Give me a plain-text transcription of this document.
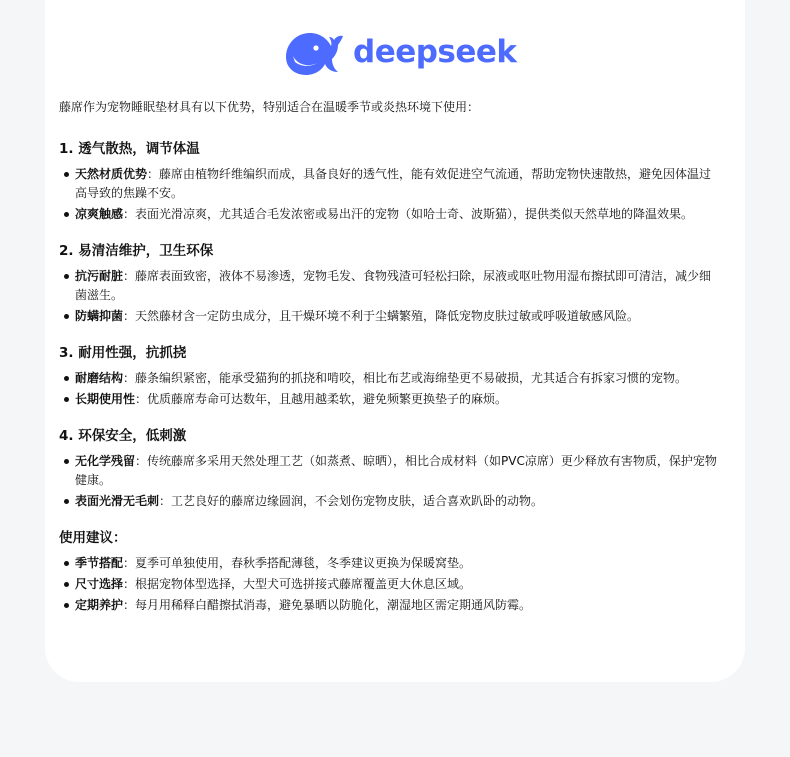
deepseek

藤席作为宠物睡眠垫材具有以下优势，特别适合在温暖季节或炎热环境下使用：

1. 透气散热，调节体温
天然材质优势：藤席由植物纤维编织而成，具备良好的透气性，能有效促进空气流通，帮助宠物快速散热，避免因体温过高导致的焦躁不安。
凉爽触感：表面光滑凉爽，尤其适合毛发浓密或易出汗的宠物（如哈士奇、波斯猫），提供类似天然草地的降温效果。
2. 易清洁维护，卫生环保
抗污耐脏：藤席表面致密，液体不易渗透，宠物毛发、食物残渣可轻松扫除，尿液或呕吐物用湿布擦拭即可清洁，减少细菌滋生。
防螨抑菌：天然藤材含一定防虫成分，且干燥环境不利于尘螨繁殖，降低宠物皮肤过敏或呼吸道敏感风险。
3. 耐用性强，抗抓挠
耐磨结构：藤条编织紧密，能承受猫狗的抓挠和啃咬，相比布艺或海绵垫更不易破损，尤其适合有拆家习惯的宠物。
长期使用性：优质藤席寿命可达数年，且越用越柔软，避免频繁更换垫子的麻烦。
4. 环保安全，低刺激
无化学残留：传统藤席多采用天然处理工艺（如蒸煮、晾晒），相比合成材料（如PVC凉席）更少释放有害物质，保护宠物健康。
表面光滑无毛刺：工艺良好的藤席边缘圆润，不会划伤宠物皮肤，适合喜欢趴卧的动物。
使用建议：
季节搭配：夏季可单独使用，春秋季搭配薄毯，冬季建议更换为保暖窝垫。
尺寸选择：根据宠物体型选择，大型犬可选拼接式藤席覆盖更大休息区域。
定期养护：每月用稀释白醋擦拭消毒，避免暴晒以防脆化，潮湿地区需定期通风防霉。
